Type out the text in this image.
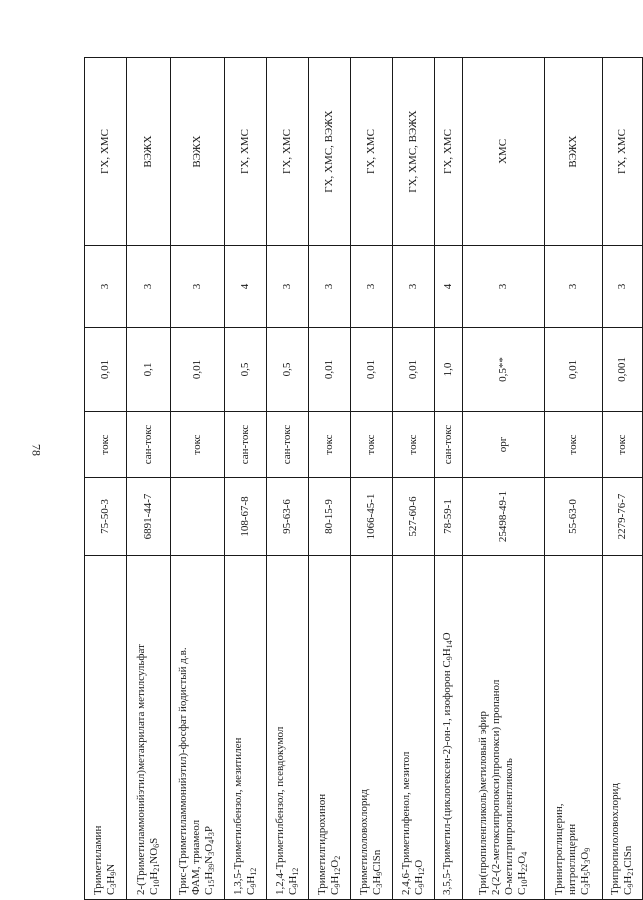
78
Триметиламин $C_3H_9N$	75-50-3	токс	0,01	3	ГХ, ХМС

2-(Триметиламмонийэтил)метакрилата метилсульфат $C_{10}H_{21}NO_6S$	6891-44-7	сан-токс	0,1	3	ВЭЖХ

Трис-(Триметиламмонийэтил)-фосфат йодистый д.в. ФАМ, триамеол $C_{15}H_{39}N_3O_4I_3P$		токс	0,01	3	ВЭЖХ

1,3,5-Триметилбензол, мезитилен $C_9H_{12}$	108-67-8	сан-токс	0,5	4	ГХ, ХМС

1,2,4-Триметилбензол, псевдокумол $C_9H_{12}$	95-63-6	сан-токс	0,5	3	ГХ, ХМС

Триметилгидрохинон $C_9H_{12}O_2$	80-15-9	токс	0,01	3	ГХ, ХМС, ВЭЖХ

Триметилоловохлорид $C_3H_9ClSn$	1066-45-1	токс	0,01	3	ГХ, ХМС

2,4,6-Триметилфенол, мезитол $C_9H_{12}O$	527-60-6	токс	0,01	3	ГХ, ХМС, ВЭЖХ

3,5,5-Триметил-(циклогексен-2)-он-1, изофорон $C_9H_{14}O$	78-59-1	сан-токс	1,0	4	ГХ, ХМС

Три(пропиленгликоль)метиловый эфир 2-(2-(2-метоксипропокси)пропокси) пропанол О-метилтрипропиленгликоль $C_{10}H_{22}O_4$	25498-49-1	орг	0,5**	3	ХМС

Тринитроглицерин, нитроглицерин $C_3H_5N_3O_9$	55-63-0	токс	0,01	3	ВЭЖХ

Трипропилоловохлорид $C_9H_{21}ClSn$	2279-76-7	токс	0,001	3	ГХ, ХМС
